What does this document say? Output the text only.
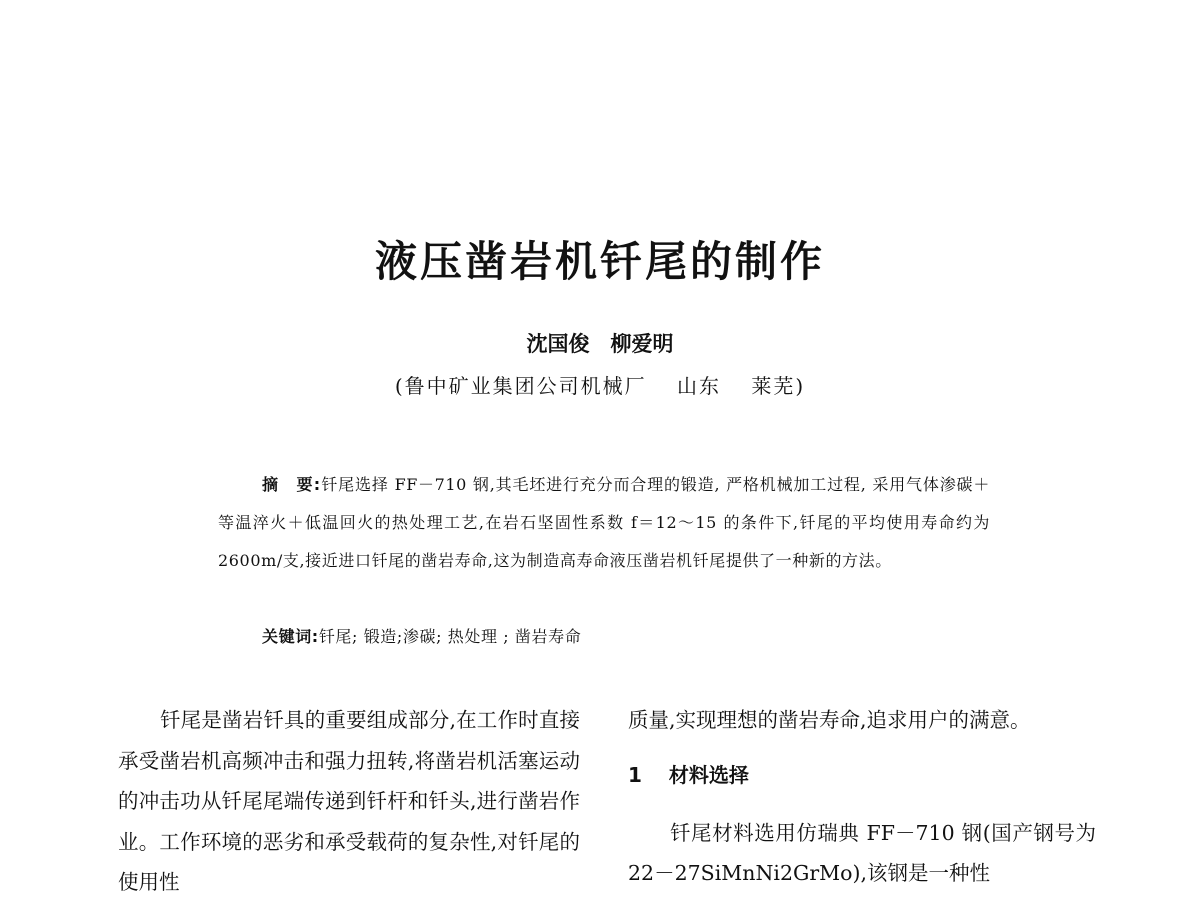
液压凿岩机钎尾的制作
沈国俊　柳爱明
(鲁中矿业集团公司机械厂　 山东　 莱芜)

摘　要:钎尾选择 FF－710 钢,其毛坯进行充分而合理的锻造, 严格机械加工过程, 采用气体渗碳＋等温淬火＋低温回火的热处理工艺,在岩石坚固性系数 f＝12～15 的条件下,钎尾的平均使用寿命约为 2600m/支,接近进口钎尾的凿岩寿命,这为制造高寿命液压凿岩机钎尾提供了一种新的方法。

关键词:钎尾; 锻造;渗碳; 热处理 ; 凿岩寿命

钎尾是凿岩钎具的重要组成部分,在工作时直接承受凿岩机高频冲击和强力扭转,将凿岩机活塞运动的冲击功从钎尾尾端传递到钎杆和钎头,进行凿岩作业。工作环境的恶劣和承受载荷的复杂性,对钎尾的使用性

质量,实现理想的凿岩寿命,追求用户的满意。

1　 材料选择

钎尾材料选用仿瑞典 FF－710 钢(国产钢号为 22－27SiMnNi2GrMo),该钢是一种性
